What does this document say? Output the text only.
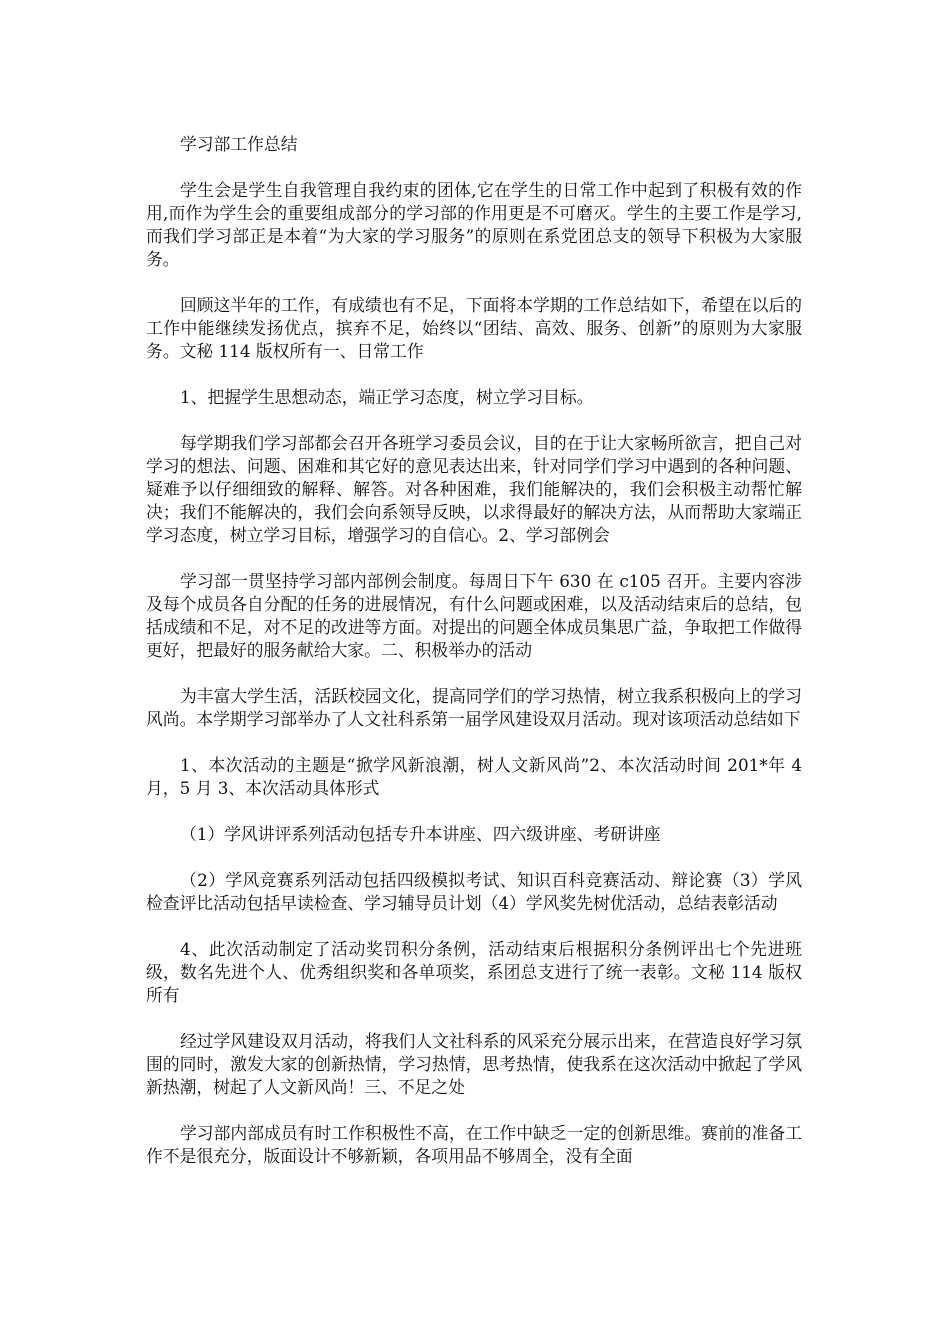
学习部工作总结

学生会是学生自我管理自我约束的团体,它在学生的日常工作中起到了积极有效的作用,而作为学生会的重要组成部分的学习部的作用更是不可磨灭。学生的主要工作是学习,而我们学习部正是本着“为大家的学习服务”的原则在系党团总支的领导下积极为大家服务。

回顾这半年的工作，有成绩也有不足，下面将本学期的工作总结如下，希望在以后的工作中能继续发扬优点，摈弃不足，始终以“团结、高效、服务、创新”的原则为大家服务。文秘 114 版权所有一、日常工作

1、把握学生思想动态，端正学习态度，树立学习目标。

每学期我们学习部都会召开各班学习委员会议，目的在于让大家畅所欲言，把自己对学习的想法、问题、困难和其它好的意见表达出来，针对同学们学习中遇到的各种问题、疑难予以仔细细致的解释、解答。对各种困难，我们能解决的，我们会积极主动帮忙解决；我们不能解决的，我们会向系领导反映，以求得最好的解决方法，从而帮助大家端正学习态度，树立学习目标，增强学习的自信心。2、学习部例会

学习部一贯坚持学习部内部例会制度。每周日下午 630 在 c105 召开。主要内容涉及每个成员各自分配的任务的进展情况，有什么问题或困难，以及活动结束后的总结，包括成绩和不足，对不足的改进等方面。对提出的问题全体成员集思广益，争取把工作做得更好，把最好的服务献给大家。二、积极举办的活动

为丰富大学生活，活跃校园文化，提高同学们的学习热情，树立我系积极向上的学习风尚。本学期学习部举办了人文社科系第一届学风建设双月活动。现对该项活动总结如下

1、本次活动的主题是“掀学风新浪潮，树人文新风尚”2、本次活动时间 201*年 4 月，5 月 3、本次活动具体形式

（1）学风讲评系列活动包括专升本讲座、四六级讲座、考研讲座

（2）学风竞赛系列活动包括四级模拟考试、知识百科竞赛活动、辩论赛（3）学风检查评比活动包括早读检查、学习辅导员计划（4）学风奖先树优活动，总结表彰活动

4、此次活动制定了活动奖罚积分条例，活动结束后根据积分条例评出七个先进班级，数名先进个人、优秀组织奖和各单项奖，系团总支进行了统一表彰。文秘 114 版权所有

经过学风建设双月活动，将我们人文社科系的风采充分展示出来，在营造良好学习氛围的同时，激发大家的创新热情，学习热情，思考热情，使我系在这次活动中掀起了学风新热潮，树起了人文新风尚！三、不足之处

学习部内部成员有时工作积极性不高，在工作中缺乏一定的创新思维。赛前的准备工作不是很充分，版面设计不够新颖，各项用品不够周全，没有全面
